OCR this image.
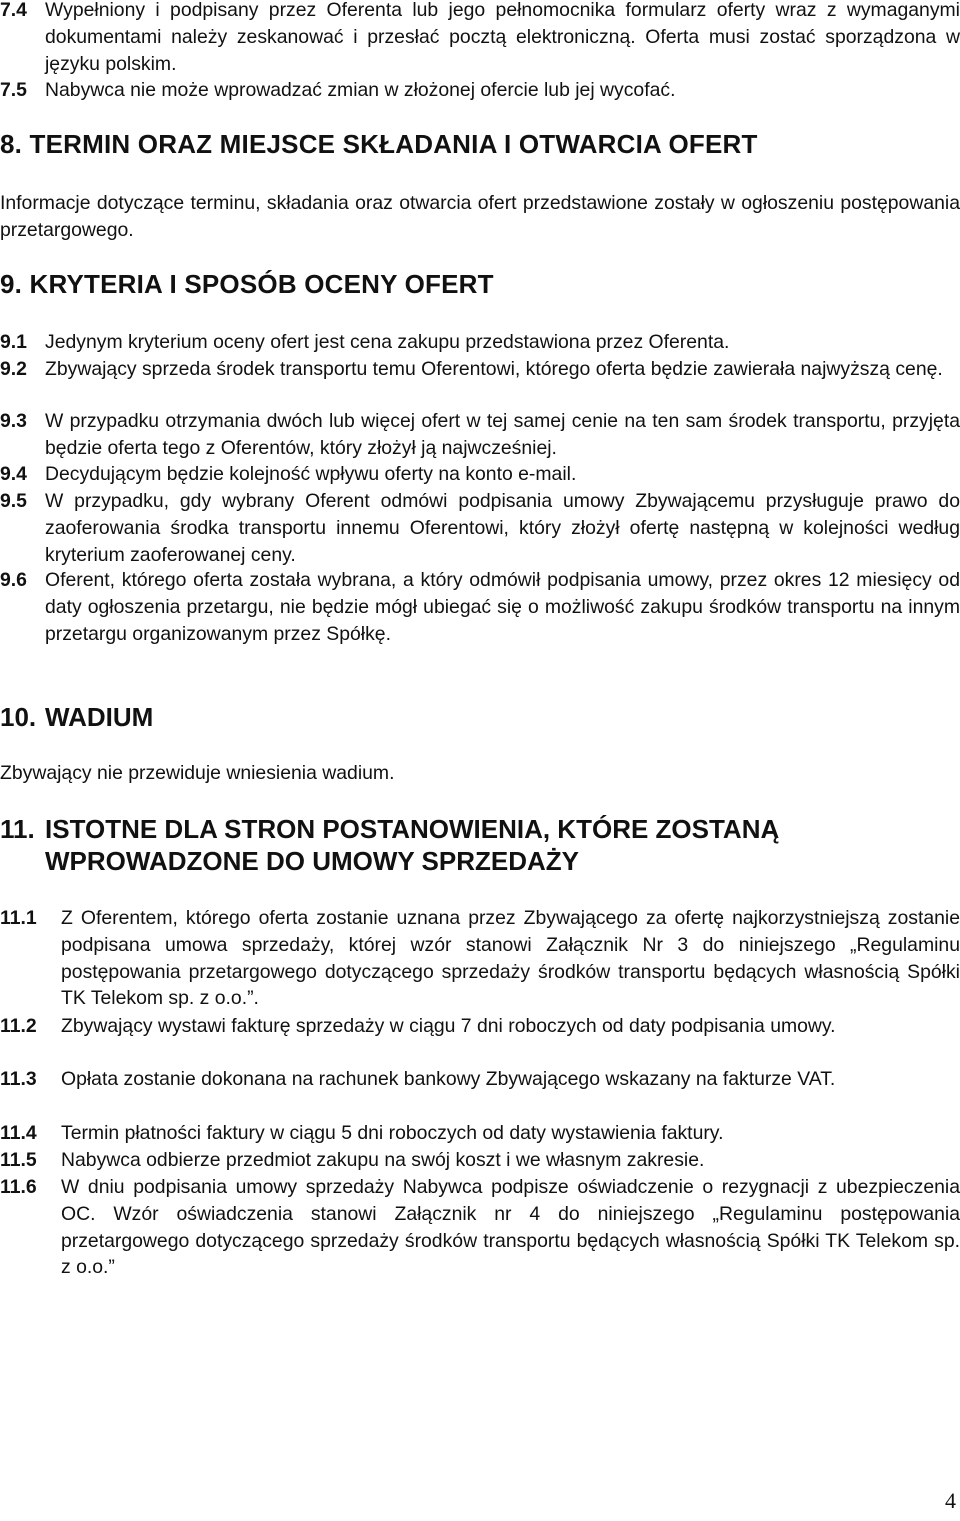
7.4 Wypełniony i podpisany przez Oferenta lub jego pełnomocnika formularz oferty wraz z wymaganymi dokumentami należy zeskanować i przesłać pocztą elektroniczną. Oferta musi zostać sporządzona w języku polskim.
7.5 Nabywca nie może wprowadzać zmian w złożonej ofercie lub jej wycofać.
8. TERMIN ORAZ MIEJSCE SKŁADANIA I OTWARCIA OFERT
Informacje dotyczące terminu, składania oraz otwarcia ofert przedstawione zostały w ogłoszeniu postępowania przetargowego.
9. KRYTERIA I SPOSÓB OCENY OFERT
9.1 Jedynym kryterium oceny ofert jest cena zakupu przedstawiona przez Oferenta.
9.2 Zbywający sprzeda środek transportu temu Oferentowi, którego oferta będzie zawierała najwyższą cenę.
9.3 W przypadku otrzymania dwóch lub więcej ofert w tej samej cenie na ten sam środek transportu, przyjęta będzie oferta tego z Oferentów, który złożył ją najwcześniej.
9.4 Decydującym będzie kolejność wpływu oferty na konto e-mail.
9.5 W przypadku, gdy wybrany Oferent odmówi podpisania umowy Zbywającemu przysługuje prawo do zaoferowania środka transportu innemu Oferentowi, który złożył ofertę następną w kolejności według kryterium zaoferowanej ceny.
9.6 Oferent, którego oferta została wybrana, a który odmówił podpisania umowy, przez okres 12 miesięcy od daty ogłoszenia przetargu, nie będzie mógł ubiegać się o możliwość zakupu środków transportu na innym przetargu organizowanym przez Spółkę.
10. WADIUM
Zbywający nie przewiduje wniesienia wadium.
11. ISTOTNE DLA STRON POSTANOWIENIA, KTÓRE ZOSTANĄ
WPROWADZONE DO UMOWY SPRZEDAŻY
11.1	Z Oferentem, którego oferta zostanie uznana przez Zbywającego za ofertę najkorzystniejszą zostanie podpisana umowa sprzedaży, której wzór stanowi Załącznik Nr 3 do niniejszego „Regulaminu postępowania przetargowego dotyczącego sprzedaży środków transportu będących własnością Spółki TK Telekom sp. z o.o.”.
11.2	Zbywający wystawi fakturę sprzedaży w ciągu 7 dni roboczych od daty podpisania umowy.
11.3	Opłata zostanie dokonana na rachunek bankowy Zbywającego wskazany na fakturze VAT.
11.4	Termin płatności faktury w ciągu 5 dni roboczych od daty wystawienia faktury.
11.5	Nabywca odbierze przedmiot zakupu na swój koszt i we własnym zakresie.
11.6	W dniu podpisania umowy sprzedaży Nabywca podpisze oświadczenie o rezygnacji z ubezpieczenia OC. Wzór oświadczenia stanowi Załącznik nr 4 do niniejszego „Regulaminu postępowania przetargowego dotyczącego sprzedaży środków transportu będących własnością Spółki TK Telekom sp. z o.o.”
4
